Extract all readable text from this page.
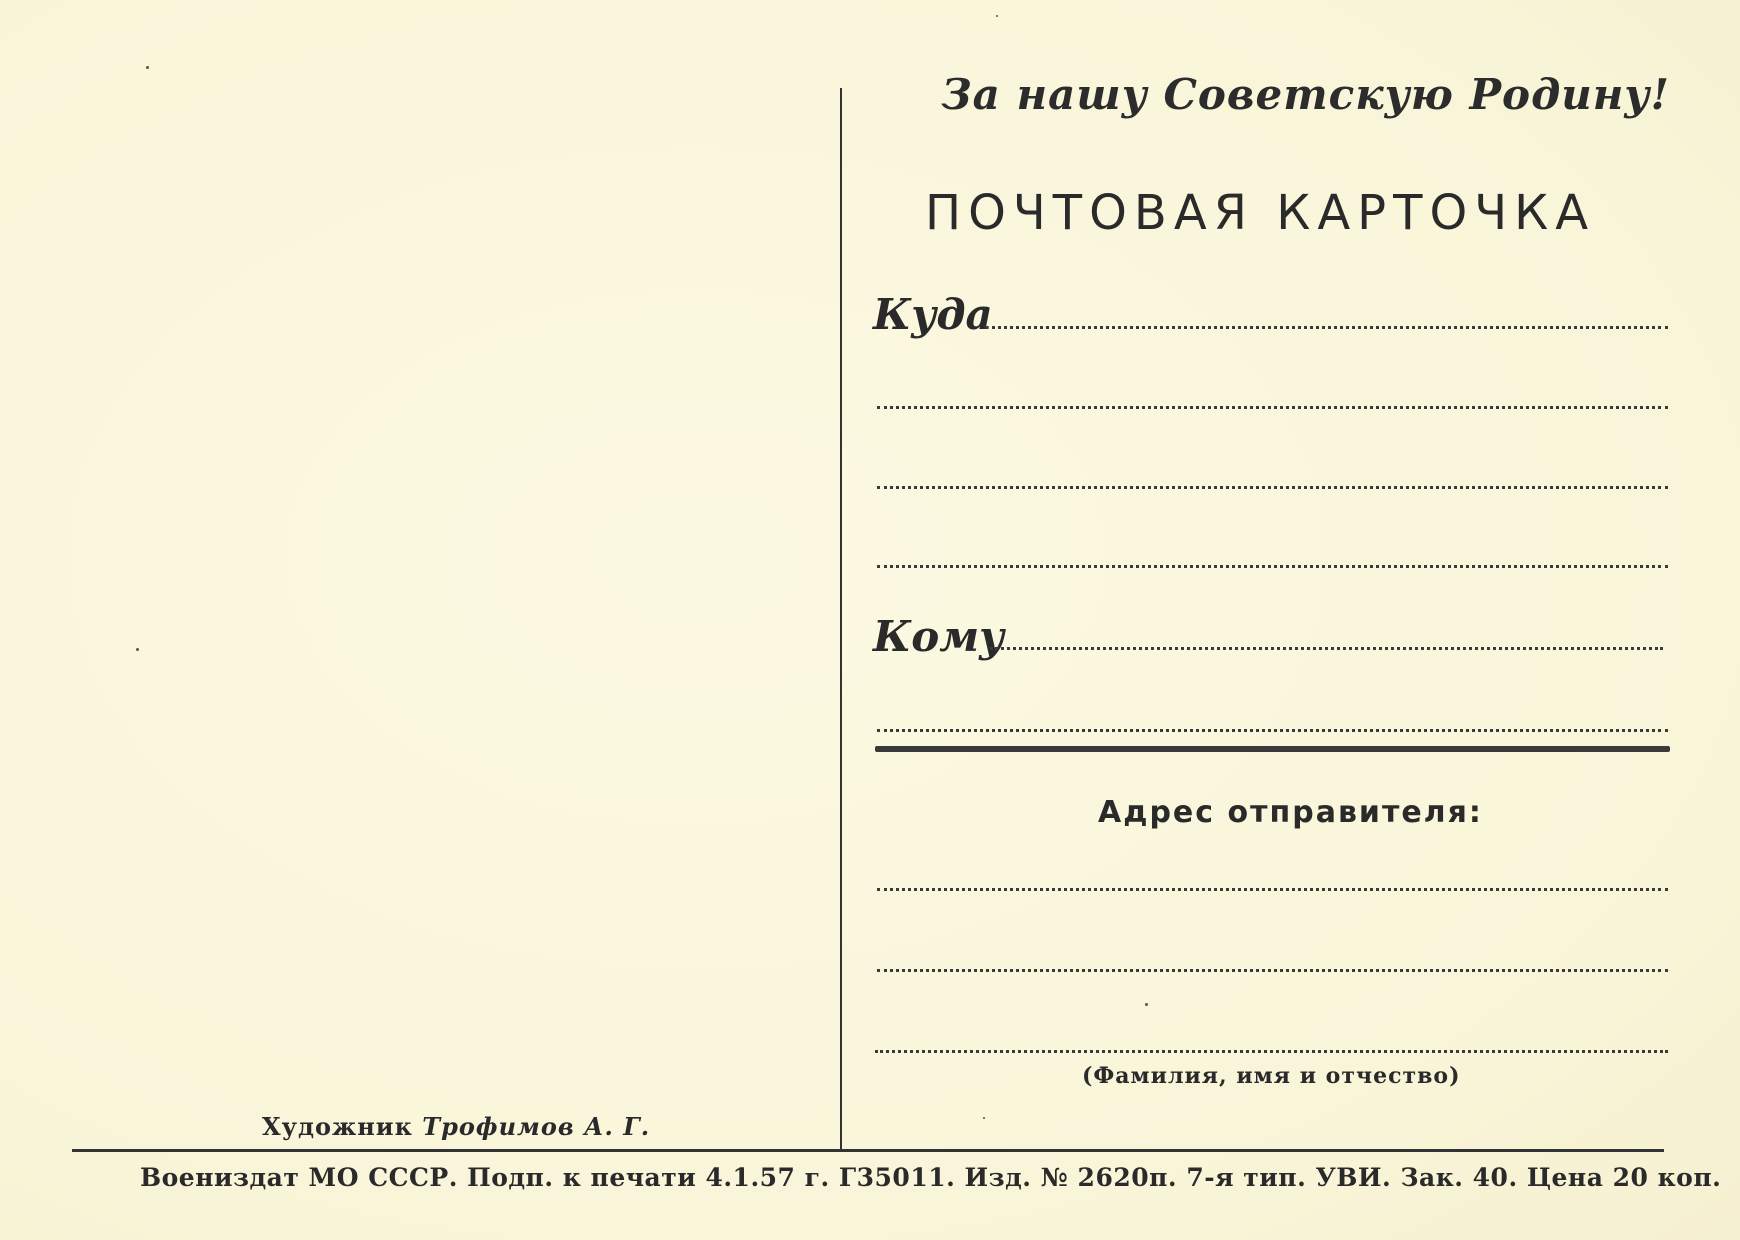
За нашу Советскую Родину!
ПОЧТОВАЯ КАРТОЧКА
Куда
Кому
Адрес отправителя:
(Фамилия, имя и отчество)
Художник Трофимов А. Г.
Воениздат МО СССР. Подп. к печати 4.1.57 г. Г35011. Изд. № 2620п. 7-я тип. УВИ. Зак. 40. Цена 20 коп.
